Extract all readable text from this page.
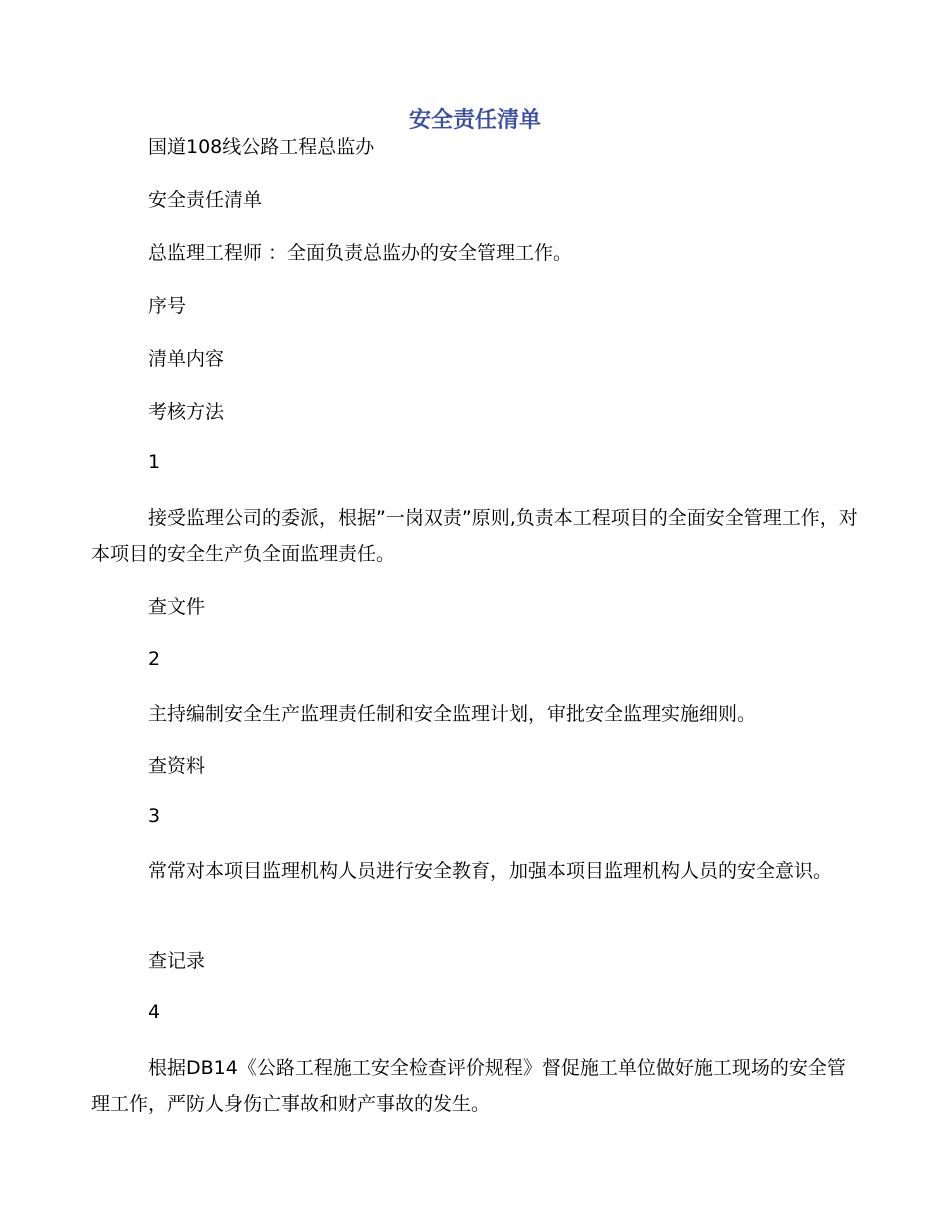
安全责任清单

国道108线公路工程总监办

安全责任清单

总监理工程师 ：全面负责总监办的安全管理工作。

序号

清单内容

考核方法

1

接受监理公司的委派，根据”一岗双责”原则,负责本工程项目的全面安全管理工作，对本项目的安全生产负全面监理责任。

查文件

2

主持编制安全生产监理责任制和安全监理计划，审批安全监理实施细则。

查资料

3

常常对本项目监理机构人员进行安全教育，加强本项目监理机构人员的安全意识。

查记录

4

根据DB14《公路工程施工安全检查评价规程》督促施工单位做好施工现场的安全管理工作，严防人身伤亡事故和财产事故的发生。
